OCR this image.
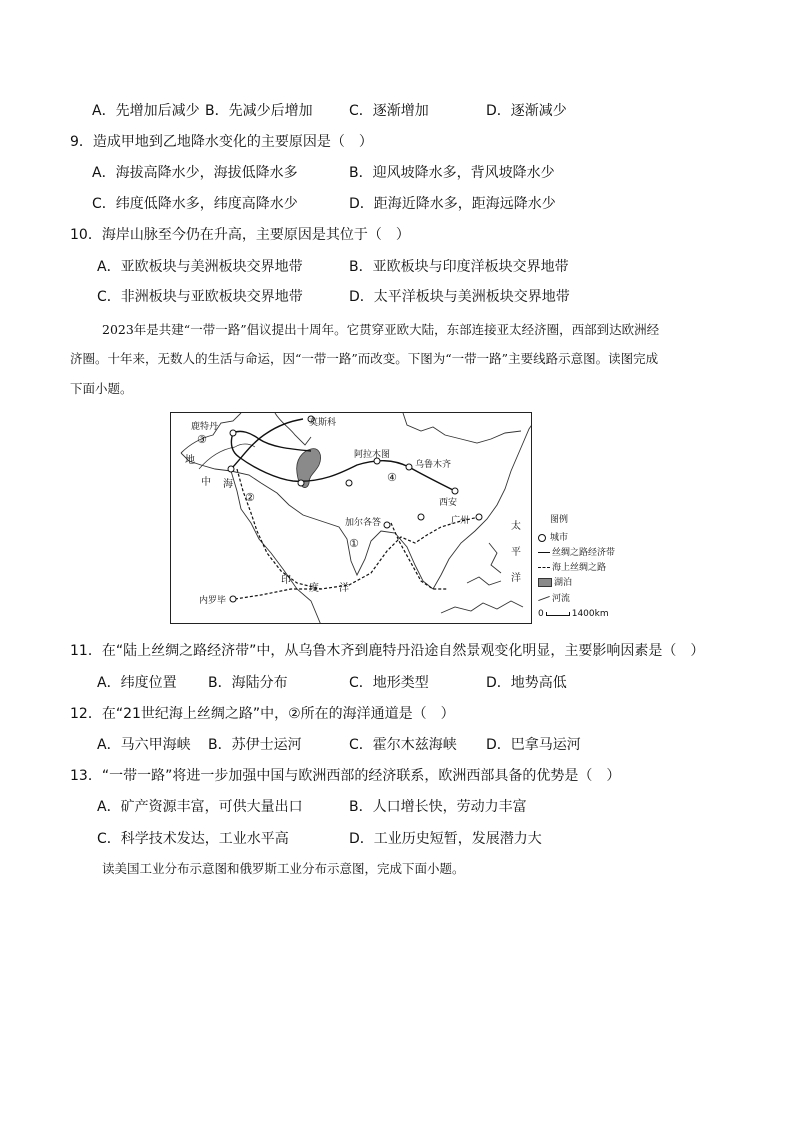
A．先增加后减少 B．先减少后增加	C．逐渐增加	D．逐渐减少
9．造成甲地到乙地降水变化的主要原因是（　）
A．海拔高降水少，海拔低降水多	B．迎风坡降水多，背风坡降水少
C．纬度低降水多，纬度高降水少	D．距海近降水多，距海远降水少
10．海岸山脉至今仍在升高，主要原因是其位于（　）
A．亚欧板块与美洲板块交界地带	B．亚欧板块与印度洋板块交界地带
C．非洲板块与亚欧板块交界地带	D．太平洋板块与美洲板块交界地带
2023年是共建“一带一路”倡议提出十周年。它贯穿亚欧大陆，东部连接亚太经济圈，西部到达欧洲经
济圈。十年来，无数人的生活与命运，因“一带一路”而改变。下图为“一带一路”主要线路示意图。读图完成
下面小题。
鹿特丹	莫斯科
阿拉木图
乌鲁木齐
西安
广州
加尔各答
内罗毕
③
②
④
①
地
中 海
印
度 洋
太
平
洋
图例
城市
丝绸之路经济带
海上丝绸之路
湖泊
河流
0	1400km
11．在“陆上丝绸之路经济带”中，从乌鲁木齐到鹿特丹沿途自然景观变化明显，主要影响因素是（　）
A．纬度位置 B．海陆分布	C．地形类型	D．地势高低
12．在“21世纪海上丝绸之路”中，②所在的海洋通道是（　）
A．马六甲海峡 B．苏伊士运河	C．霍尔木兹海峡 D．巴拿马运河
13．“一带一路”将进一步加强中国与欧洲西部的经济联系，欧洲西部具备的优势是（　）
A．矿产资源丰富，可供大量出口	B．人口增长快，劳动力丰富
C．科学技术发达，工业水平高	D．工业历史短暂，发展潜力大
读美国工业分布示意图和俄罗斯工业分布示意图，完成下面小题。
